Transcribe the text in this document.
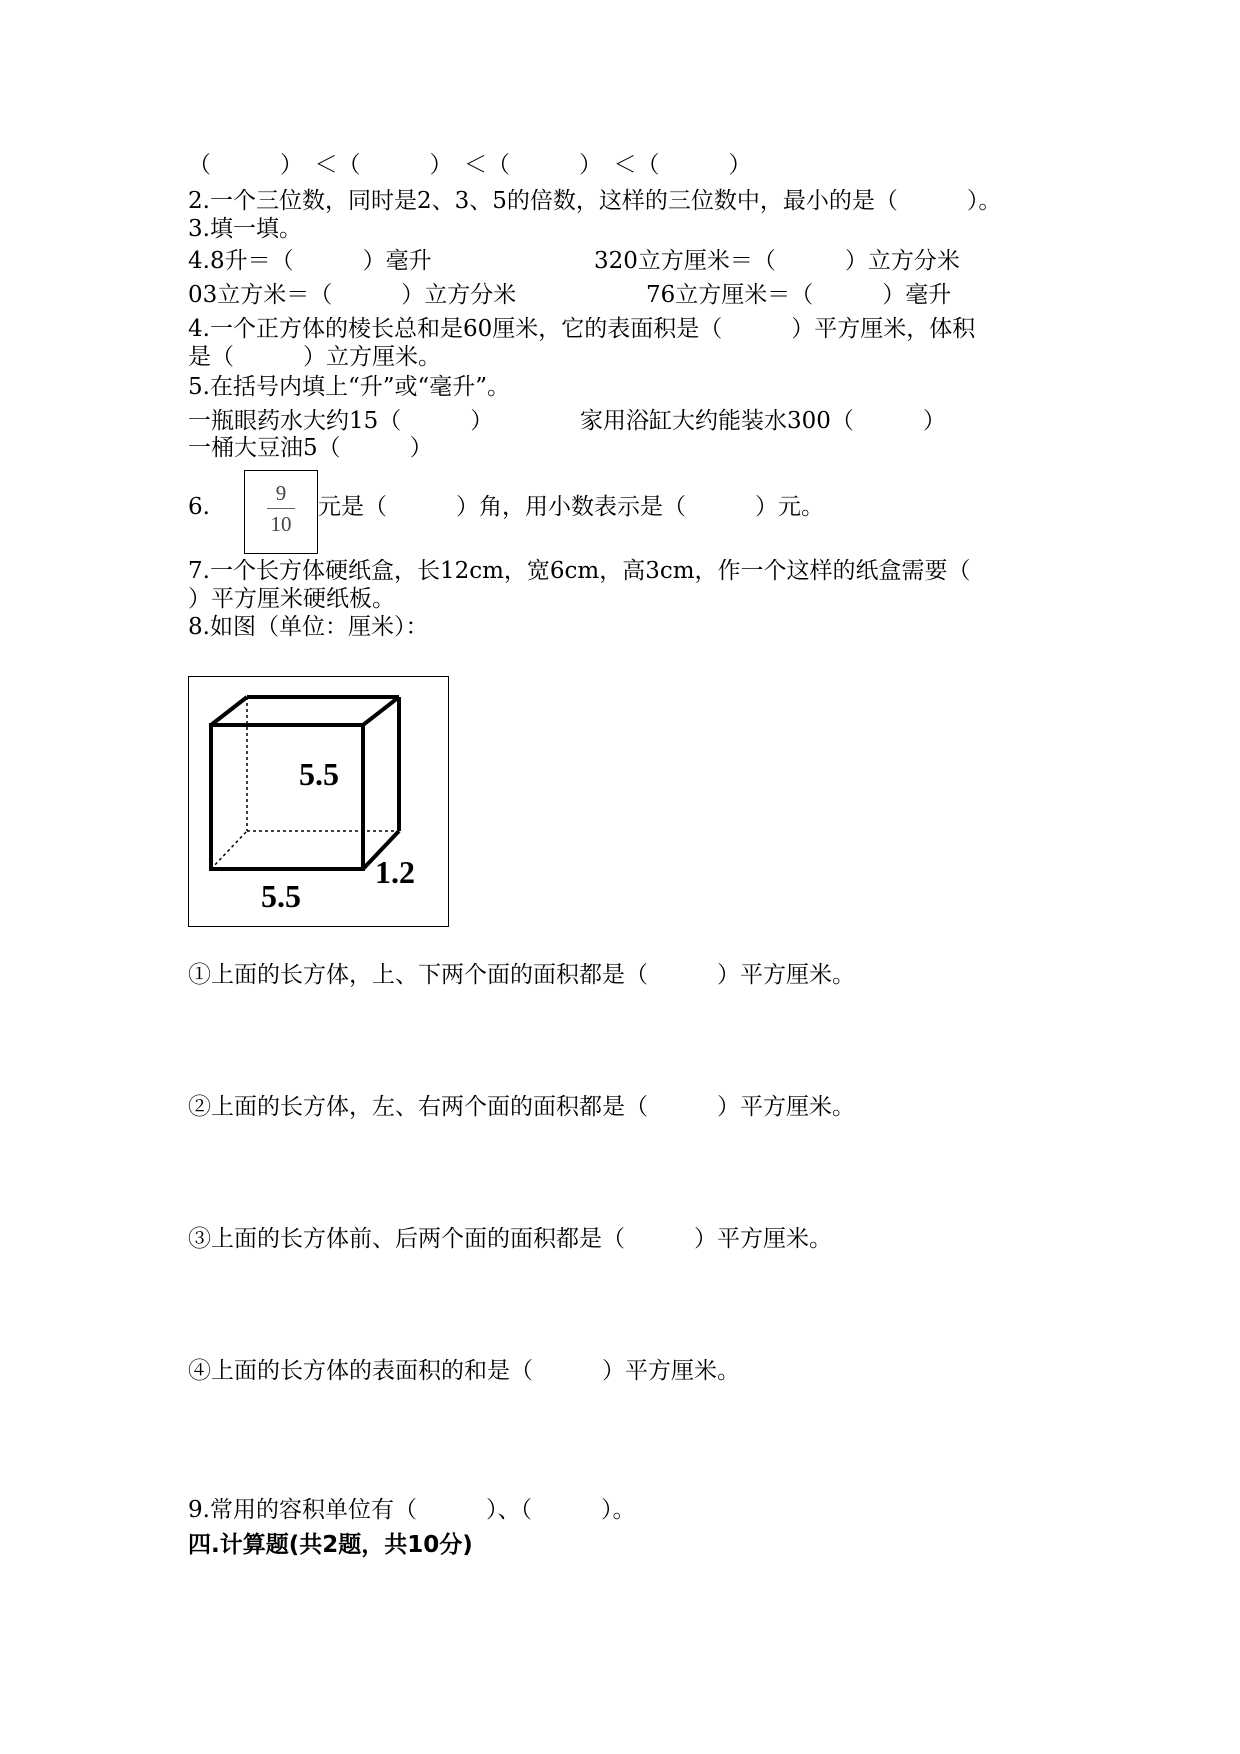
（　　　）　＜（　　　）　＜（　　　）　＜（　　　）
2.一个三位数，同时是2、3、5的倍数，这样的三位数中，最小的是（　　　）。
3.填一填。
4.8升＝（　　　）毫升	320立方厘米＝（　　　）立方分米
03立方米＝（　　　）立方分米	76立方厘米＝（　　　）毫升
4.一个正方体的棱长总和是60厘米，它的表面积是（　　　）平方厘米，体积
是（　　　）立方厘米。
5.在括号内填上“升”或“毫升”。
一瓶眼药水大约15（　　　）	家用浴缸大约能装水300（　　　）
一桶大豆油5（　　　）
6.
9
10
元是（　　　）角，用小数表示是（　　　）元。
7.一个长方体硬纸盒，长12cm，宽6cm，高3cm，作一个这样的纸盒需要（
）平方厘米硬纸板。
8.如图（单位：厘米）：
5.5
5.5
1.2
①上面的长方体，上、下两个面的面积都是（　　　）平方厘米。
②上面的长方体，左、右两个面的面积都是（　　　）平方厘米。
③上面的长方体前、后两个面的面积都是（　　　）平方厘米。
④上面的长方体的表面积的和是（　　　）平方厘米。
9.常用的容积单位有（　　　）、（　　　）。
四.计算题(共2题，共10分)
